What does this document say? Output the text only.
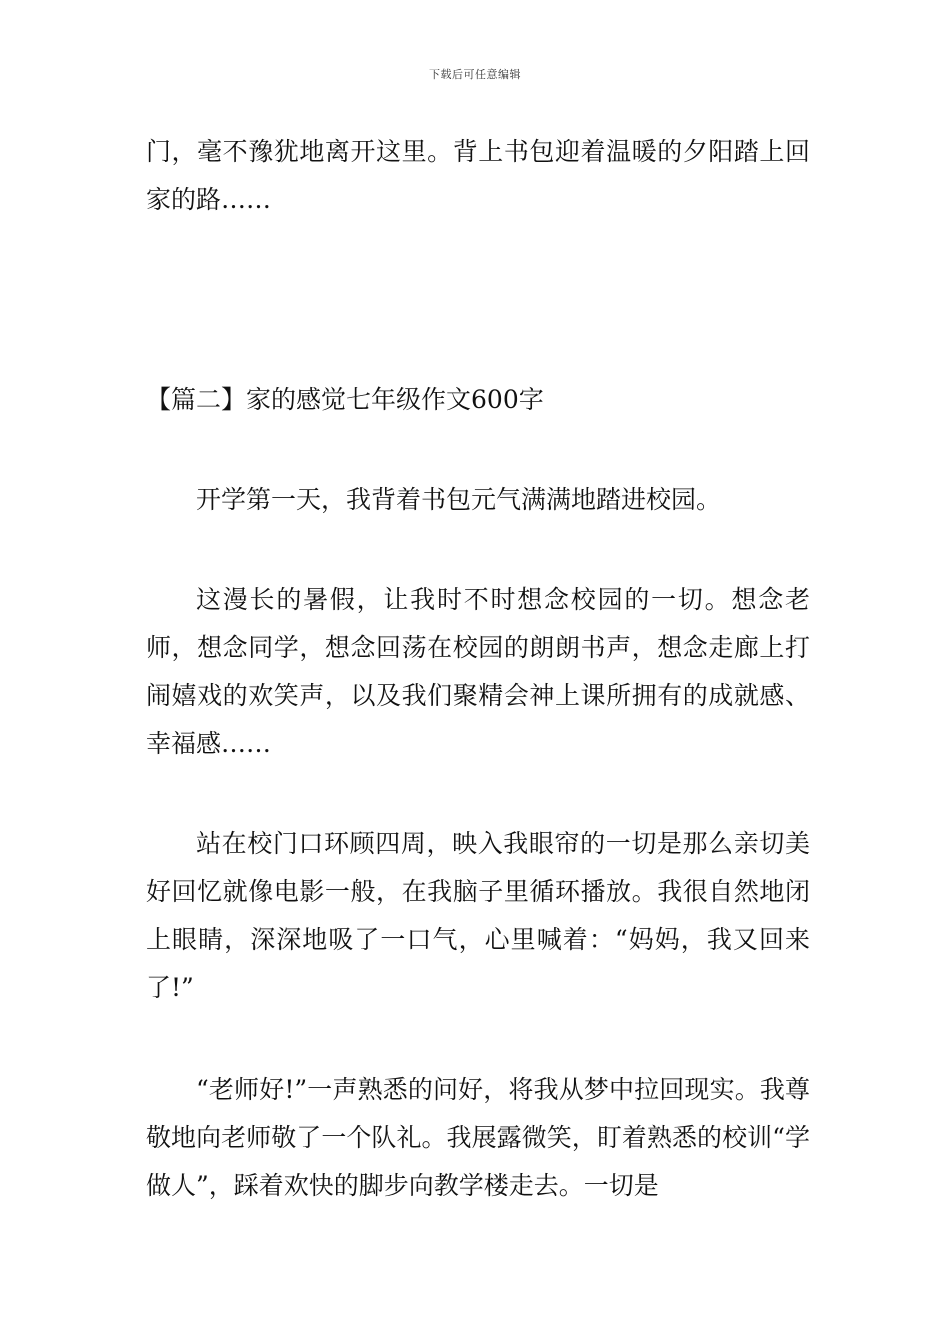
下载后可任意编辑

门，毫不豫犹地离开这里。背上书包迎着温暖的夕阳踏上回家的路……

【篇二】家的感觉七年级作文600字

开学第一天，我背着书包元气满满地踏进校园。

这漫长的暑假，让我时不时想念校园的一切。想念老师，想念同学，想念回荡在校园的朗朗书声，想念走廊上打闹嬉戏的欢笑声，以及我们聚精会神上课所拥有的成就感、幸福感……

站在校门口环顾四周，映入我眼帘的一切是那么亲切美好回忆就像电影一般，在我脑子里循环播放。我很自然地闭上眼睛，深深地吸了一口气，心里喊着：“妈妈，我又回来了!”

“老师好!”一声熟悉的问好，将我从梦中拉回现实。我尊敬地向老师敬了一个队礼。我展露微笑，盯着熟悉的校训“学做人”，踩着欢快的脚步向教学楼走去。一切是
